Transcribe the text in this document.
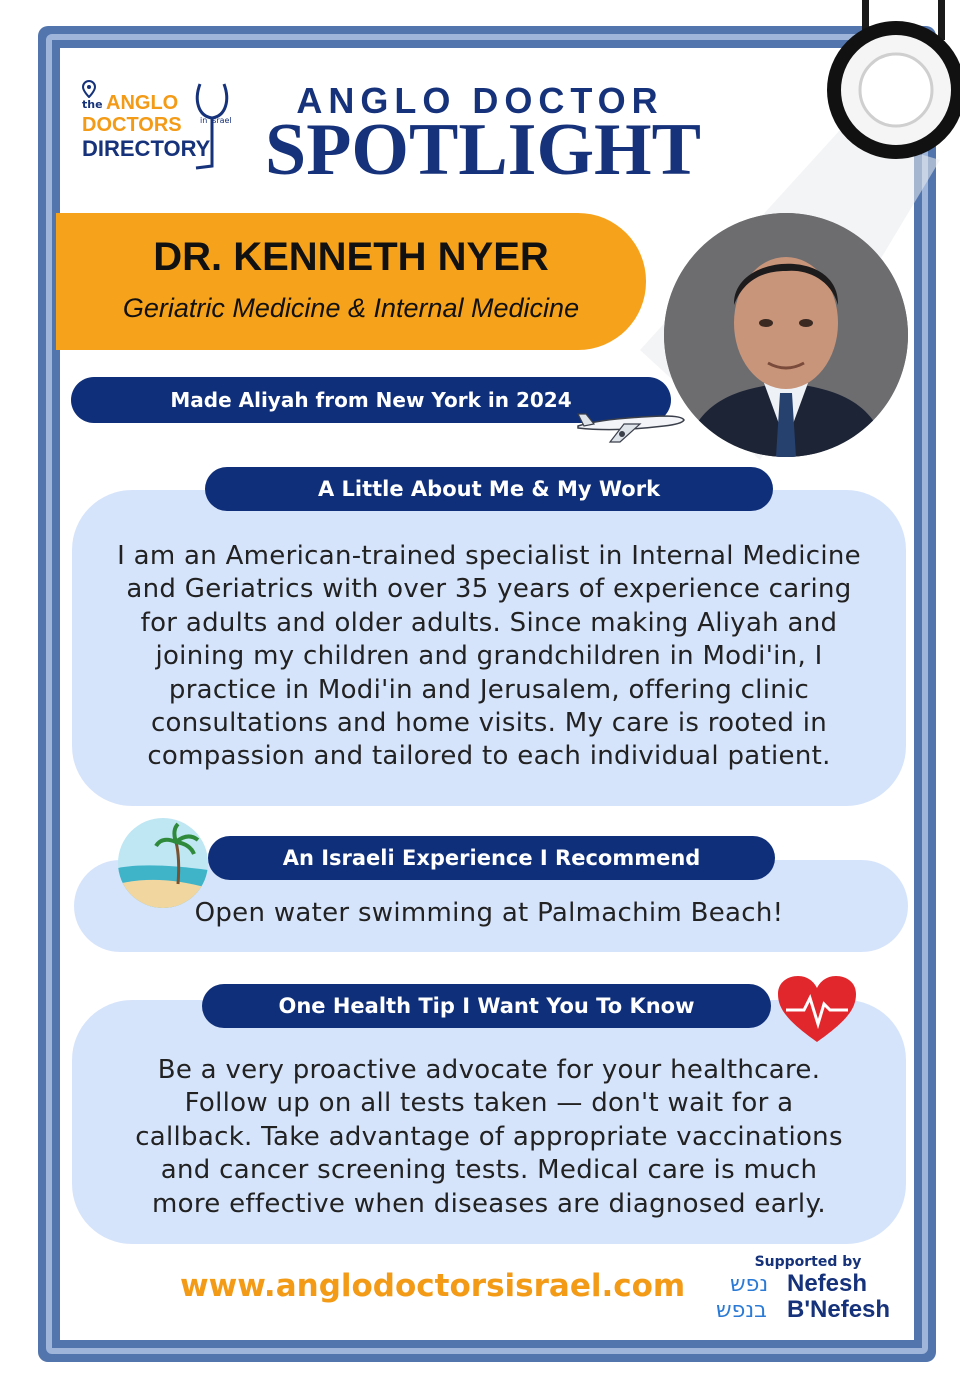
the ANGLO
DOCTORS in Israel
DIRECTORY
ANGLO DOCTOR
SPOTLIGHT
DR. KENNETH NYER
Geriatric Medicine & Internal Medicine
Made Aliyah from New York in 2024
A Little About Me & My Work
I am an American-trained specialist in Internal Medicine
and Geriatrics with over 35 years of experience caring
for adults and older adults. Since making Aliyah and
joining my children and grandchildren in Modi'in, I
practice in Modi'in and Jerusalem, offering clinic
consultations and home visits. My care is rooted in
compassion and tailored to each individual patient.
An Israeli Experience I Recommend
Open water swimming at Palmachim Beach!
One Health Tip I Want You To Know
Be a very proactive advocate for your healthcare.
Follow up on all tests taken — don't wait for a
callback. Take advantage of appropriate vaccinations
and cancer screening tests. Medical care is much
more effective when diseases are diagnosed early.
www.anglodoctorsisrael.com
Supported by
נפש Nefesh
בנפש B'Nefesh
